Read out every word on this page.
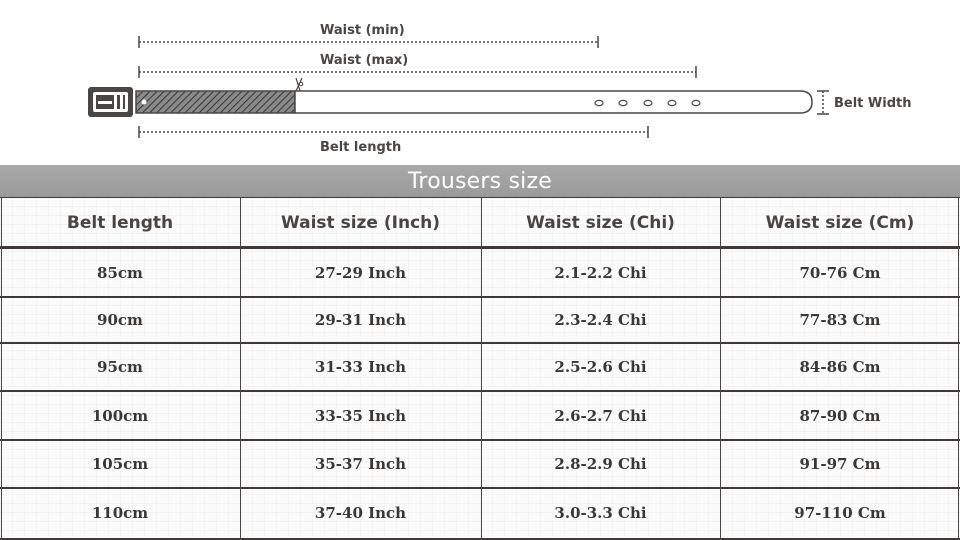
Waist (min)
Waist (max)
Belt length
Belt Width
Trousers size
Belt length	Waist size (Inch)	Waist size (Chi)	Waist size (Cm)
85cm	27-29 Inch	2.1-2.2 Chi	70-76 Cm
90cm	29-31 Inch	2.3-2.4 Chi	77-83 Cm
95cm	31-33 Inch	2.5-2.6 Chi	84-86 Cm
100cm	33-35 Inch	2.6-2.7 Chi	87-90 Cm
105cm	35-37 Inch	2.8-2.9 Chi	91-97 Cm
110cm	37-40 Inch	3.0-3.3 Chi	97-110 Cm
